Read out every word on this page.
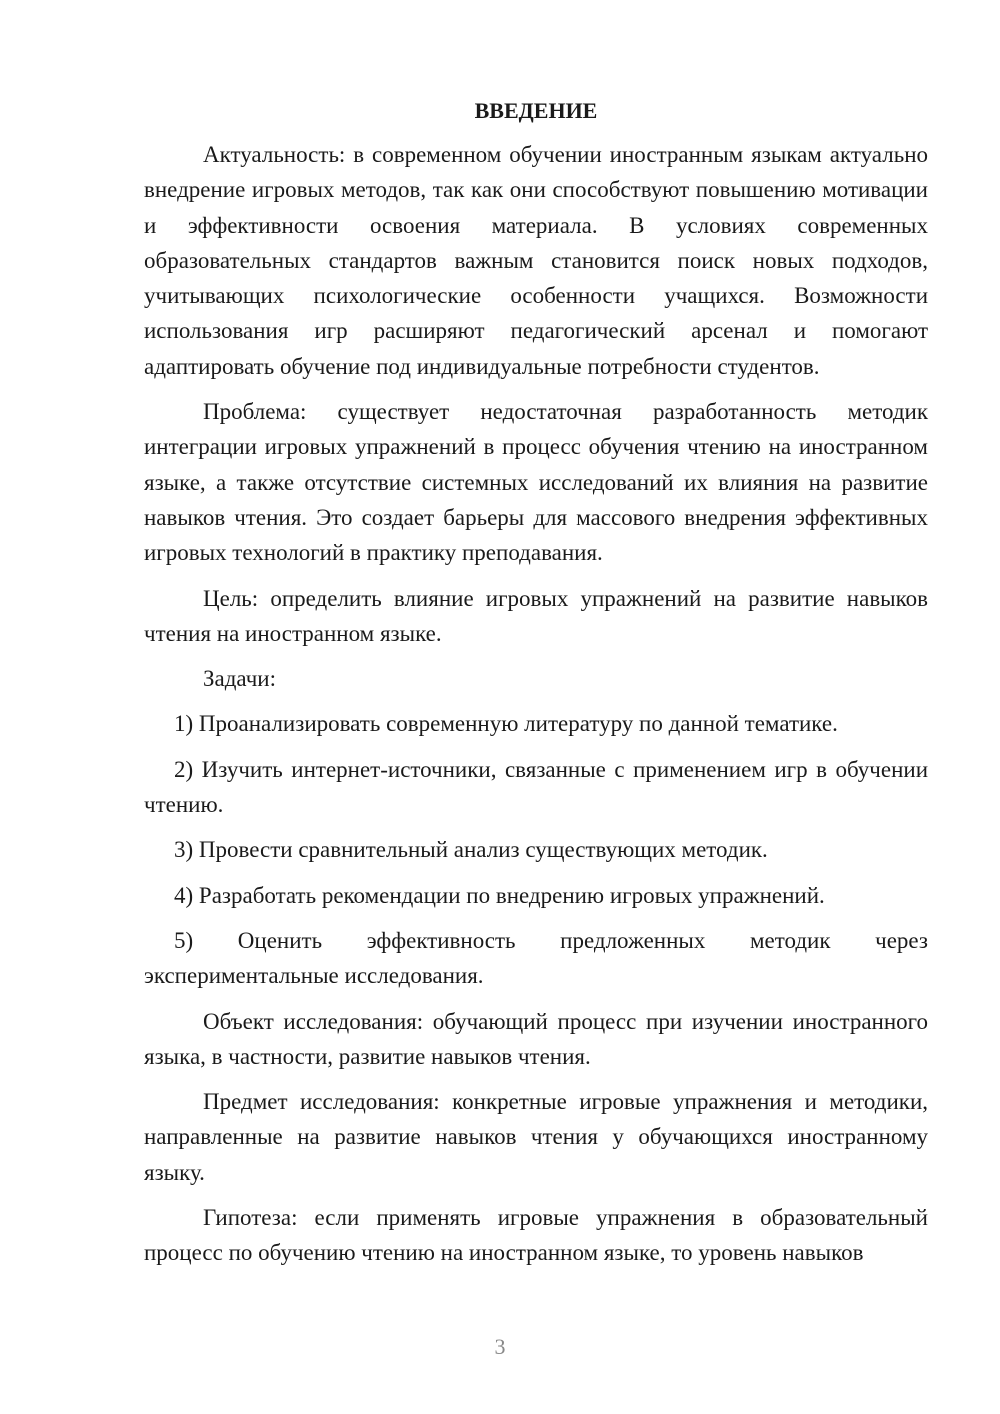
ВВЕДЕНИЕ

Актуальность: в современном обучении иностранным языкам актуально внедрение игровых методов, так как они способствуют повышению мотивации и эффективности освоения материала. В условиях современных образовательных стандартов важным становится поиск новых подходов, учитывающих психологические особенности учащихся. Возможности использования игр расширяют педагогический арсенал и помогают адаптировать обучение под индивидуальные потребности студентов.

Проблема: существует недостаточная разработанность методик интеграции игровых упражнений в процесс обучения чтению на иностранном языке, а также отсутствие системных исследований их влияния на развитие навыков чтения. Это создает барьеры для массового внедрения эффективных игровых технологий в практику преподавания.

Цель: определить влияние игровых упражнений на развитие навыков чтения на иностранном языке.

Задачи:

1) Проанализировать современную литературу по данной тематике.

2) Изучить интернет-источники, связанные с применением игр в обучении чтению.

3) Провести сравнительный анализ существующих методик.

4) Разработать рекомендации по внедрению игровых упражнений.

5) Оценить эффективность предложенных методик через экспериментальные исследования.

Объект исследования: обучающий процесс при изучении иностранного языка, в частности, развитие навыков чтения.

Предмет исследования: конкретные игровые упражнения и методики, направленные на развитие навыков чтения у обучающихся иностранному языку.

Гипотеза: если применять игровые упражнения в образовательный процесс по обучению чтению на иностранном языке, то уровень навыков

3
